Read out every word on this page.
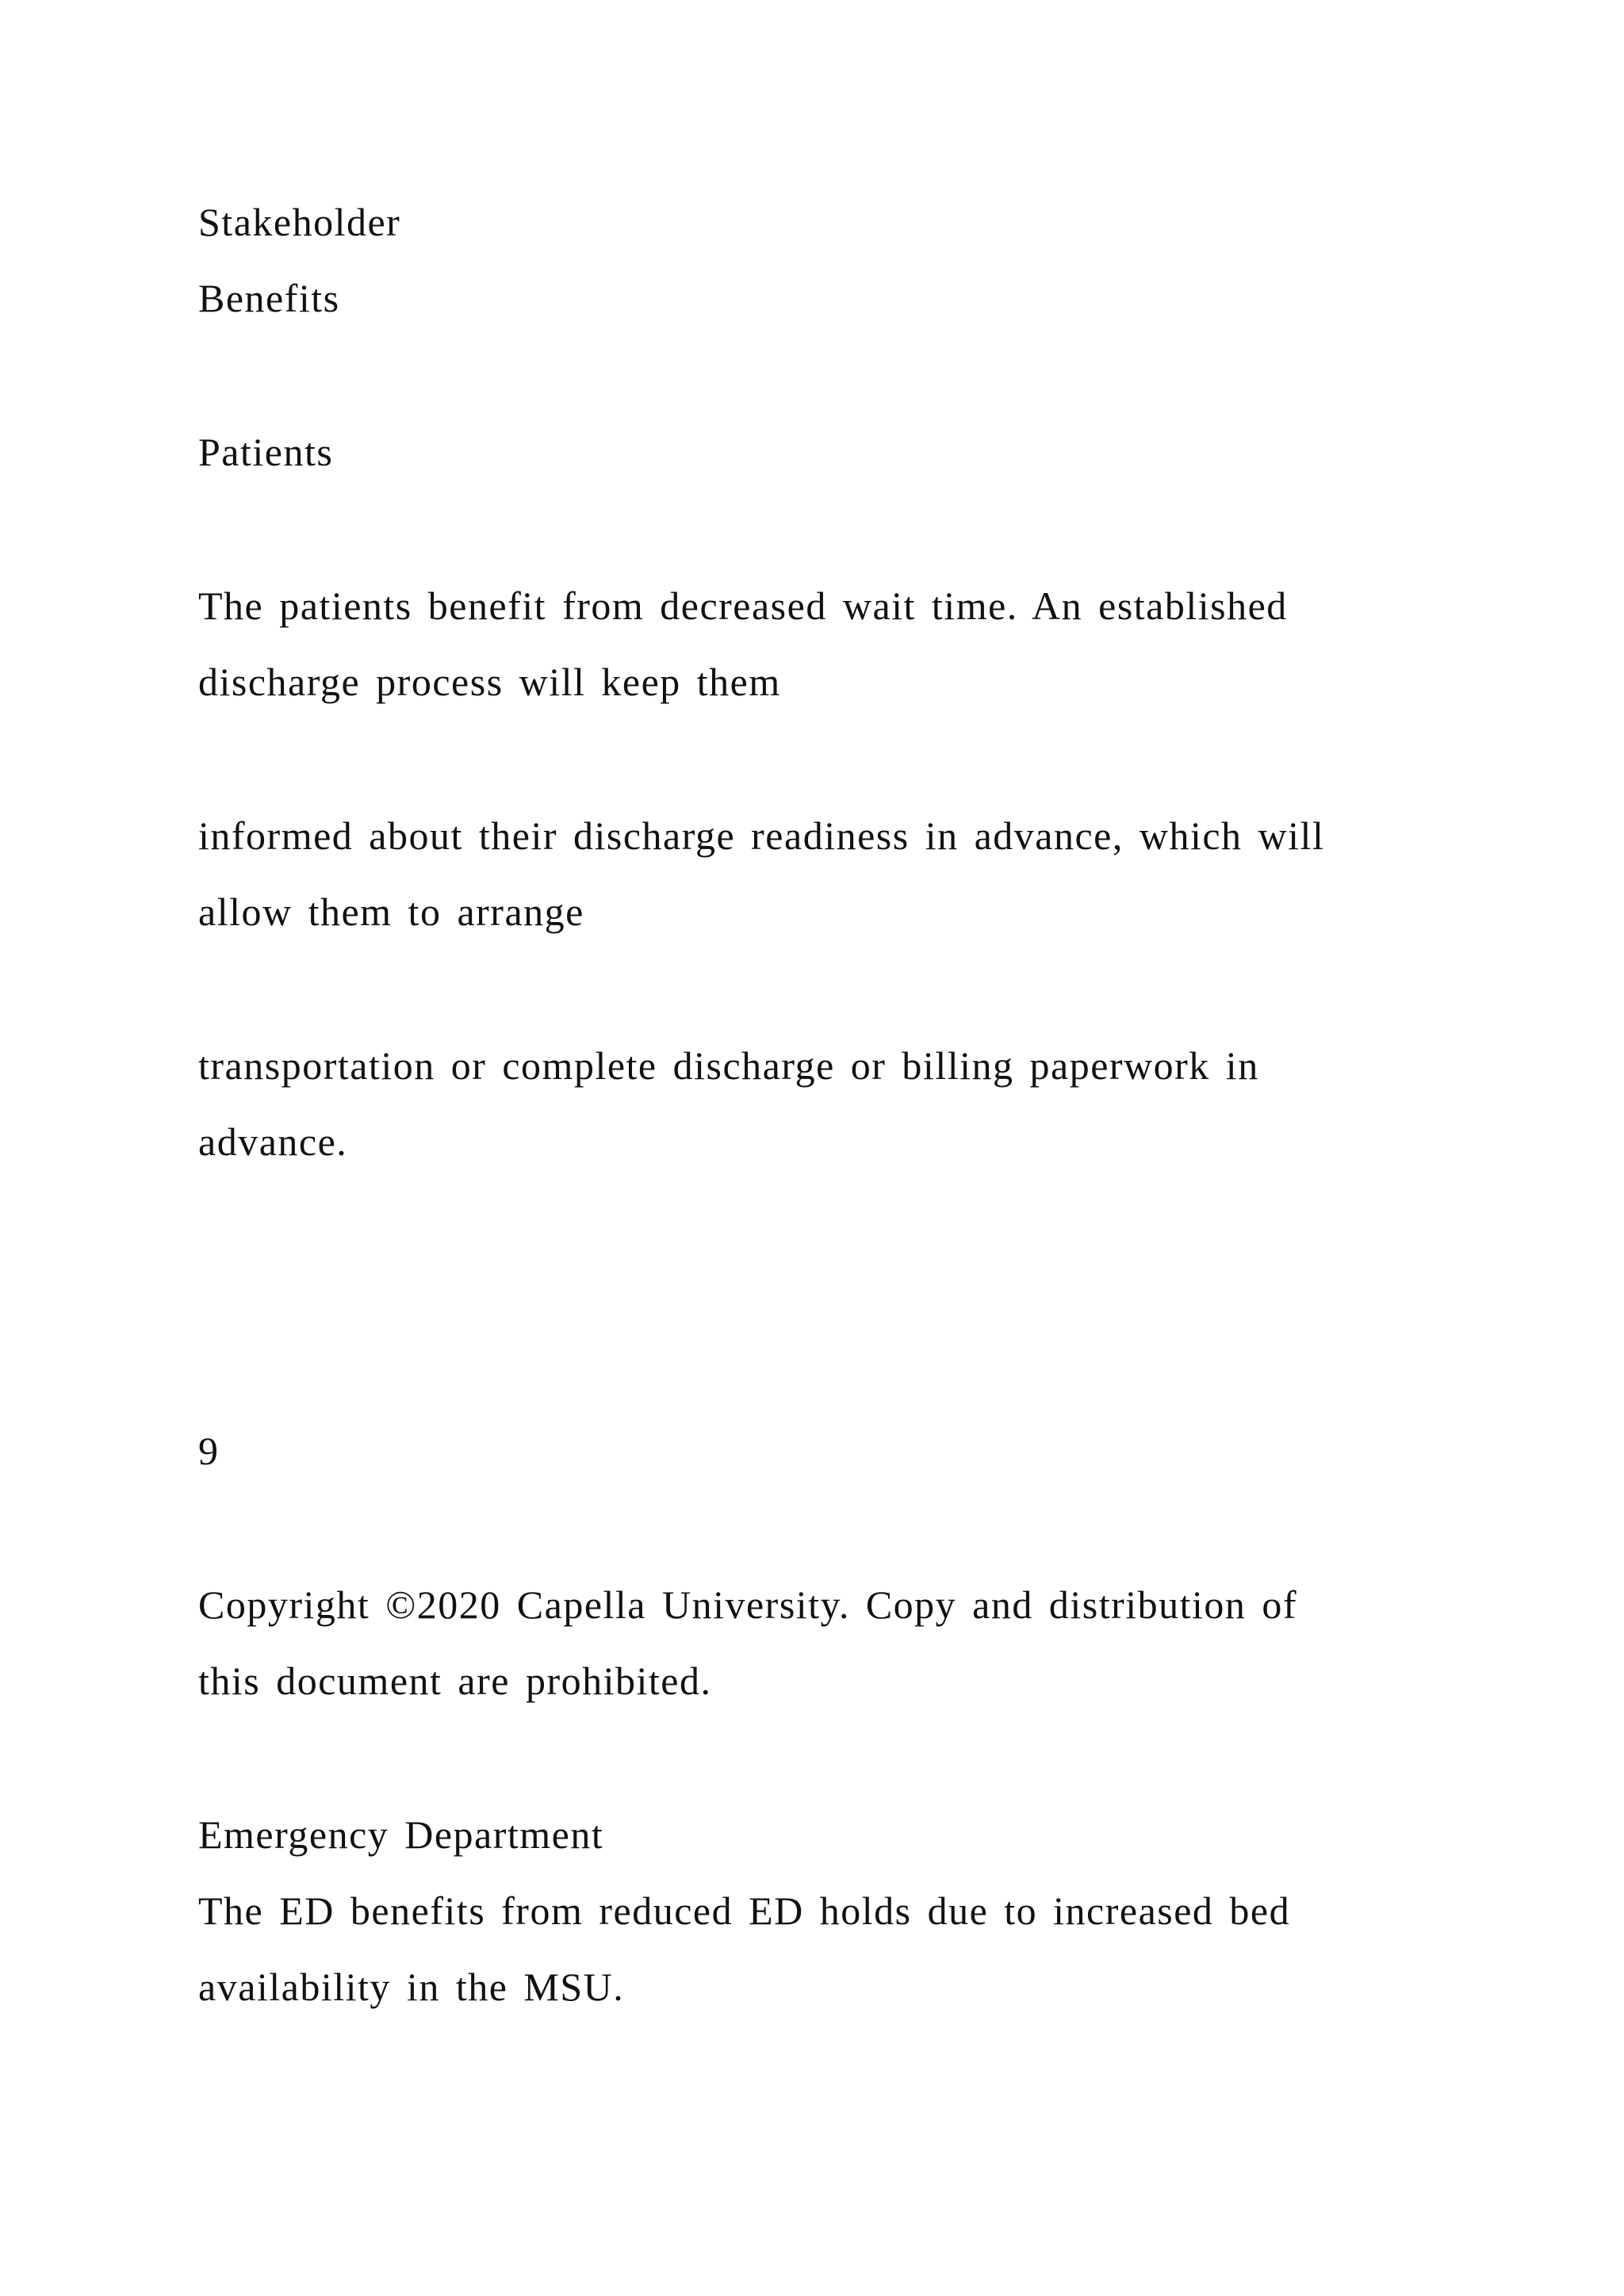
Stakeholder
Benefits
Patients
The patients benefit from decreased wait time. An established
discharge process will keep them
informed about their discharge readiness in advance, which will
allow them to arrange
transportation or complete discharge or billing paperwork in
advance.
9
Copyright ©2020 Capella University. Copy and distribution of
this document are prohibited.
Emergency Department
The ED benefits from reduced ED holds due to increased bed
availability in the MSU.
